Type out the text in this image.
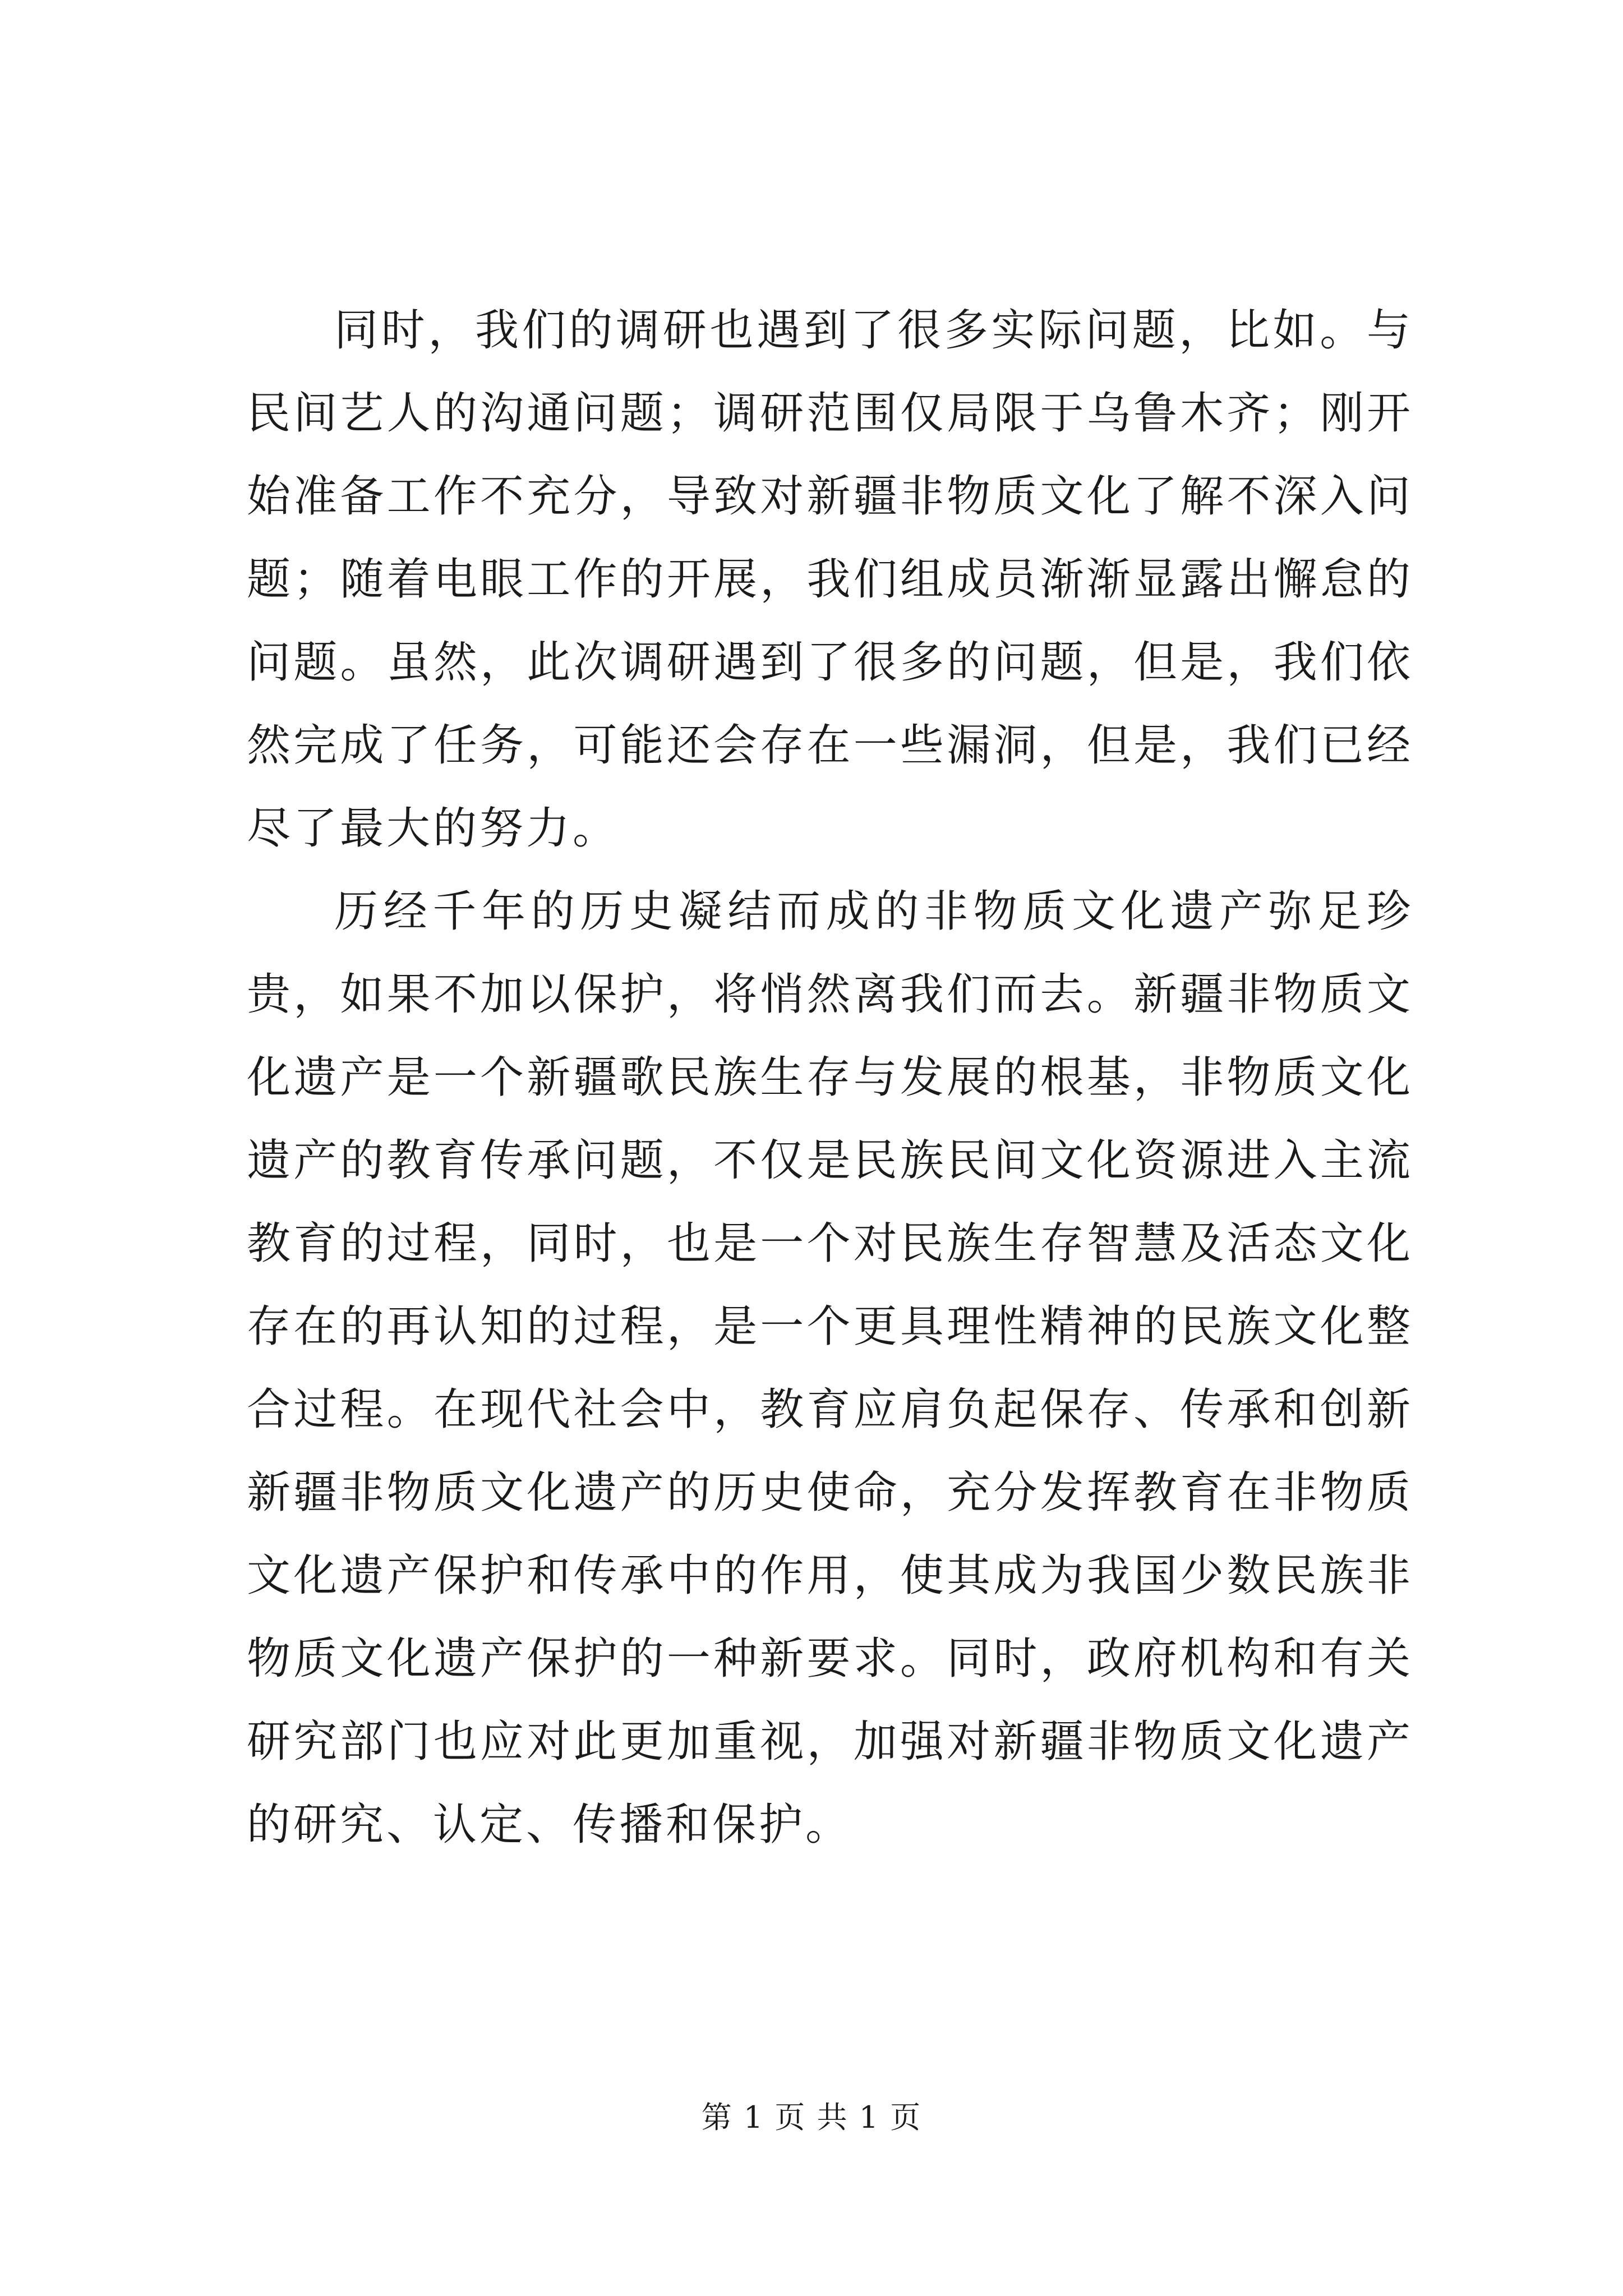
同时，我们的调研也遇到了很多实际问题，比如。与民间艺人的沟通问题；调研范围仅局限于乌鲁木齐；刚开始准备工作不充分，导致对新疆非物质文化了解不深入问题；随着电眼工作的开展，我们组成员渐渐显露出懈怠的问题。虽然，此次调研遇到了很多的问题，但是，我们依然完成了任务，可能还会存在一些漏洞，但是，我们已经尽了最大的努力。

历经千年的历史凝结而成的非物质文化遗产弥足珍贵，如果不加以保护，将悄然离我们而去。新疆非物质文化遗产是一个新疆歌民族生存与发展的根基，非物质文化遗产的教育传承问题，不仅是民族民间文化资源进入主流教育的过程，同时，也是一个对民族生存智慧及活态文化存在的再认知的过程，是一个更具理性精神的民族文化整合过程。在现代社会中，教育应肩负起保存、传承和创新新疆非物质文化遗产的历史使命，充分发挥教育在非物质文化遗产保护和传承中的作用，使其成为我国少数民族非物质文化遗产保护的一种新要求。同时，政府机构和有关研究部门也应对此更加重视，加强对新疆非物质文化遗产的研究、认定、传播和保护。

第 1 页 共 1 页
